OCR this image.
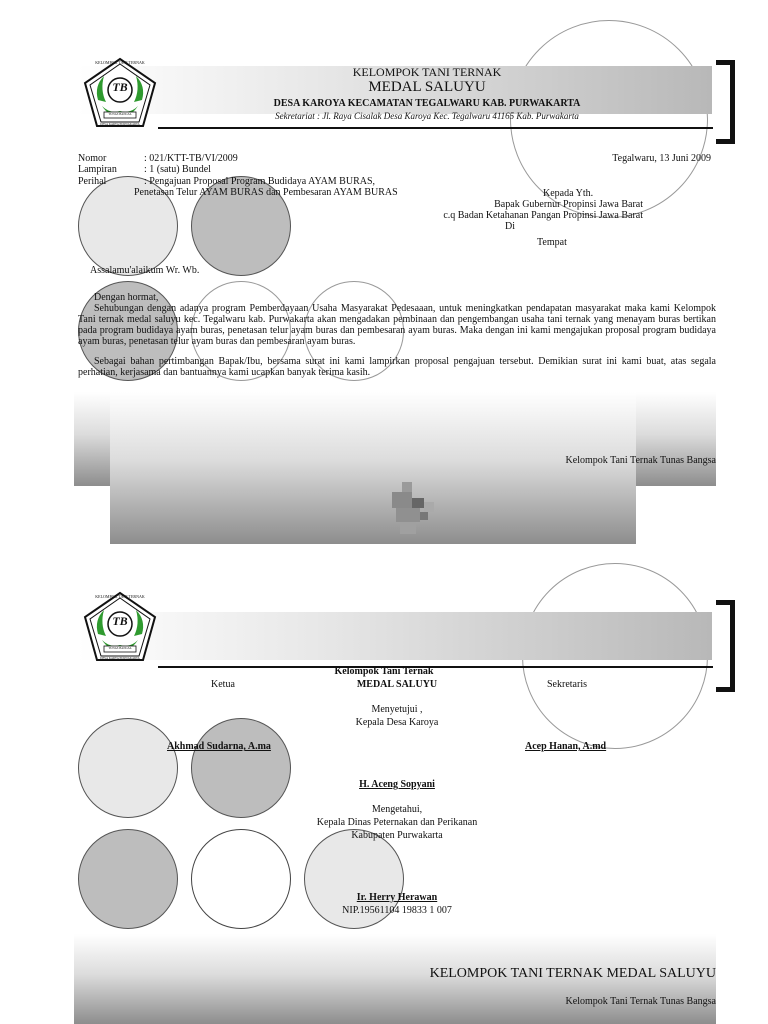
KELOMPOK TANI TERNAK
TB
TUNAS BANGSA
DESA KARYA PURWAKARTA
KELOMPOK TANI TERNAK
MEDAL SALUYU
DESA KAROYA KECAMATAN TEGALWARU KAB. PURWAKARTA
Sekretariat : Jl. Raya Cisalak Desa Karoya Kec. Tegalwaru 41165 Kab. Purwakarta
Nomor	: 021/KTT-TB/VI/2009
Lampiran	: 1 (satu) Bundel
Perihal	: Pengajuan Proposal Program Budidaya AYAM BURAS,
Penetasan Telur AYAM BURAS dan Pembesaran AYAM BURAS
Tegalwaru, 13 Juni 2009
Kepada Yth.
Bapak Gubernur Propinsi Jawa Barat
c.q Badan Ketahanan Pangan Propinsi Jawa Barat
Di
Tempat
Assalamu'alaikum Wr. Wb.
Dengan hormat,
Sehubungan dengan adanya program Pemberdayaan Usaha Masyarakat Pedesaaan, untuk meningkatkan pendapatan masyarakat maka kami Kelompok Tani ternak medal saluyu kec. Tegalwaru kab. Purwakarta akan mengadakan pembinaan dan pengembangan usaha tani ternak yang menayam buras bertikan pada program budidaya ayam buras, penetasan telur ayam buras dan pembesaran ayam buras. Maka dengan ini kami mengajukan proposal program budidaya ayam buras, penetasan telur ayam buras dan pembesaran ayam buras.
Sebagai bahan pertimbangan Bapak/Ibu, bersama surat ini kami lampirkan proposal pengajuan tersebut. Demikian surat ini kami buat, atas segala perhatian, kerjasama dan bantuannya kami ucapkan banyak terima kasih.
Kelompok Tani Ternak Tunas Bangsa
KELOMPOK TANI TERNAK
TB
TUNAS BANGSA
DESA KARYA PURWAKARTA
Kelompok Tani Ternak
MEDAL SALUYU
Ketua	Sekretaris
Menyetujui ,
Kepala Desa Karoya
Akhmad Sudarna, A.ma	Acep Hanan, A.md
H. Aceng Sopyani
Mengetahui,
Kepala Dinas Peternakan dan Perikanan
Kabupaten Purwakarta
Ir. Herry Herawan
NIP.19561104 19833 1 007
KELOMPOK TANI TERNAK MEDAL SALUYU
Kelompok Tani Ternak Tunas Bangsa
